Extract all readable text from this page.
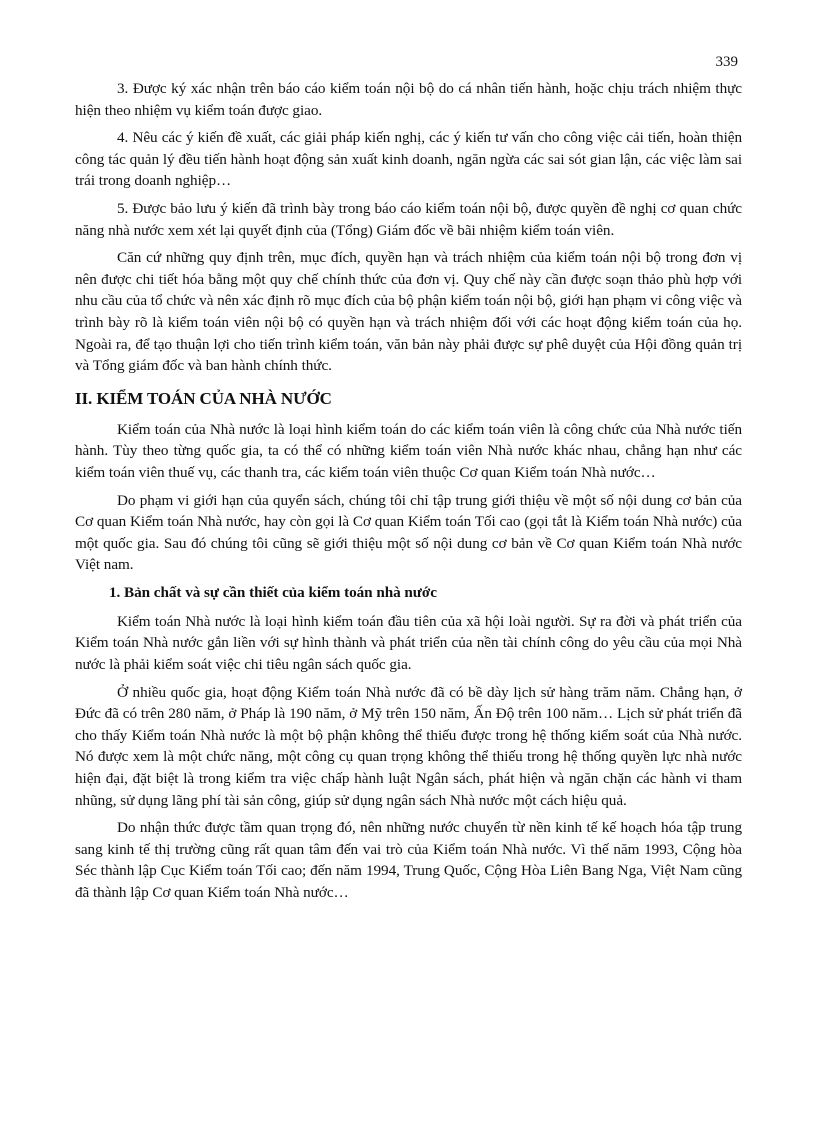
339

3. Được ký xác nhận trên báo cáo kiểm toán nội bộ do cá nhân tiến hành, hoặc chịu trách nhiệm thực hiện theo nhiệm vụ kiểm toán được giao.

4. Nêu các ý kiến đề xuất, các giải pháp kiến nghị, các ý kiến tư vấn cho công việc cải tiến, hoàn thiện công tác quản lý đều tiến hành hoạt động sản xuất kinh doanh, ngăn ngừa các sai sót gian lận, các việc làm sai trái trong doanh nghiệp…

5. Được bảo lưu ý kiến đã trình bày trong báo cáo kiểm toán nội bộ, được quyền đề nghị cơ quan chức năng nhà nước xem xét lại quyết định của (Tổng) Giám đốc về bãi nhiệm kiểm toán viên.

Căn cứ những quy định trên, mục đích, quyền hạn và trách nhiệm của kiểm toán nội bộ trong đơn vị nên được chi tiết hóa bằng một quy chế chính thức của đơn vị. Quy chế này cần được soạn thảo phù hợp với nhu cầu của tổ chức và nên xác định rõ mục đích của bộ phận kiểm toán nội bộ, giới hạn phạm vi công việc và trình bày rõ là kiểm toán viên nội bộ có quyền hạn và trách nhiệm đối với các hoạt động kiểm toán của họ. Ngoài ra, để tạo thuận lợi cho tiến trình kiểm toán, văn bản này phải được sự phê duyệt của Hội đồng quản trị và Tổng giám đốc và ban hành chính thức.

II. KIỂM TOÁN CỦA NHÀ NƯỚC

Kiểm toán của Nhà nước là loại hình kiểm toán do các kiểm toán viên là công chức của Nhà nước tiến hành. Tùy theo từng quốc gia, ta có thể có những kiểm toán viên Nhà nước khác nhau, chẳng hạn như các kiểm toán viên thuế vụ, các thanh tra, các kiểm toán viên thuộc Cơ quan Kiểm toán Nhà nước…

Do phạm vi giới hạn của quyển sách, chúng tôi chỉ tập trung giới thiệu về một số nội dung cơ bản của Cơ quan Kiểm toán Nhà nước, hay còn gọi là Cơ quan Kiểm toán Tối cao (gọi tắt là Kiểm toán Nhà nước) của một quốc gia. Sau đó chúng tôi cũng sẽ giới thiệu một số nội dung cơ bản về Cơ quan Kiểm toán Nhà nước Việt nam.

1. Bản chất và sự cần thiết của kiểm toán nhà nước

Kiểm toán Nhà nước là loại hình kiểm toán đầu tiên của xã hội loài người. Sự ra đời và phát triển của Kiểm toán Nhà nước gắn liền với sự hình thành và phát triển của nền tài chính công do yêu cầu của mọi Nhà nước là phải kiểm soát việc chi tiêu ngân sách quốc gia.

Ở nhiều quốc gia, hoạt động Kiểm toán Nhà nước đã có bề dày lịch sử hàng trăm năm. Chẳng hạn, ở Đức đã có trên 280 năm, ở Pháp là 190 năm, ở Mỹ trên 150 năm, Ấn Độ trên 100 năm… Lịch sử phát triển đã cho thấy Kiểm toán Nhà nước là một bộ phận không thể thiếu được trong hệ thống kiểm soát của Nhà nước. Nó được xem là một chức năng, một công cụ quan trọng không thể thiếu trong hệ thống quyền lực nhà nước hiện đại, đặt biệt là trong kiểm tra việc chấp hành luật Ngân sách, phát hiện và ngăn chặn các hành vi tham nhũng, sử dụng lãng phí tài sản công, giúp sử dụng ngân sách Nhà nước một cách hiệu quả.

Do nhận thức được tầm quan trọng đó, nên những nước chuyển từ nền kinh tế kế hoạch hóa tập trung sang kinh tế thị trường cũng rất quan tâm đến vai trò của Kiểm toán Nhà nước. Vì thế năm 1993, Cộng hòa Séc thành lập Cục Kiểm toán Tối cao; đến năm 1994, Trung Quốc, Cộng Hòa Liên Bang Nga, Việt Nam cũng đã thành lập Cơ quan Kiểm toán Nhà nước…
